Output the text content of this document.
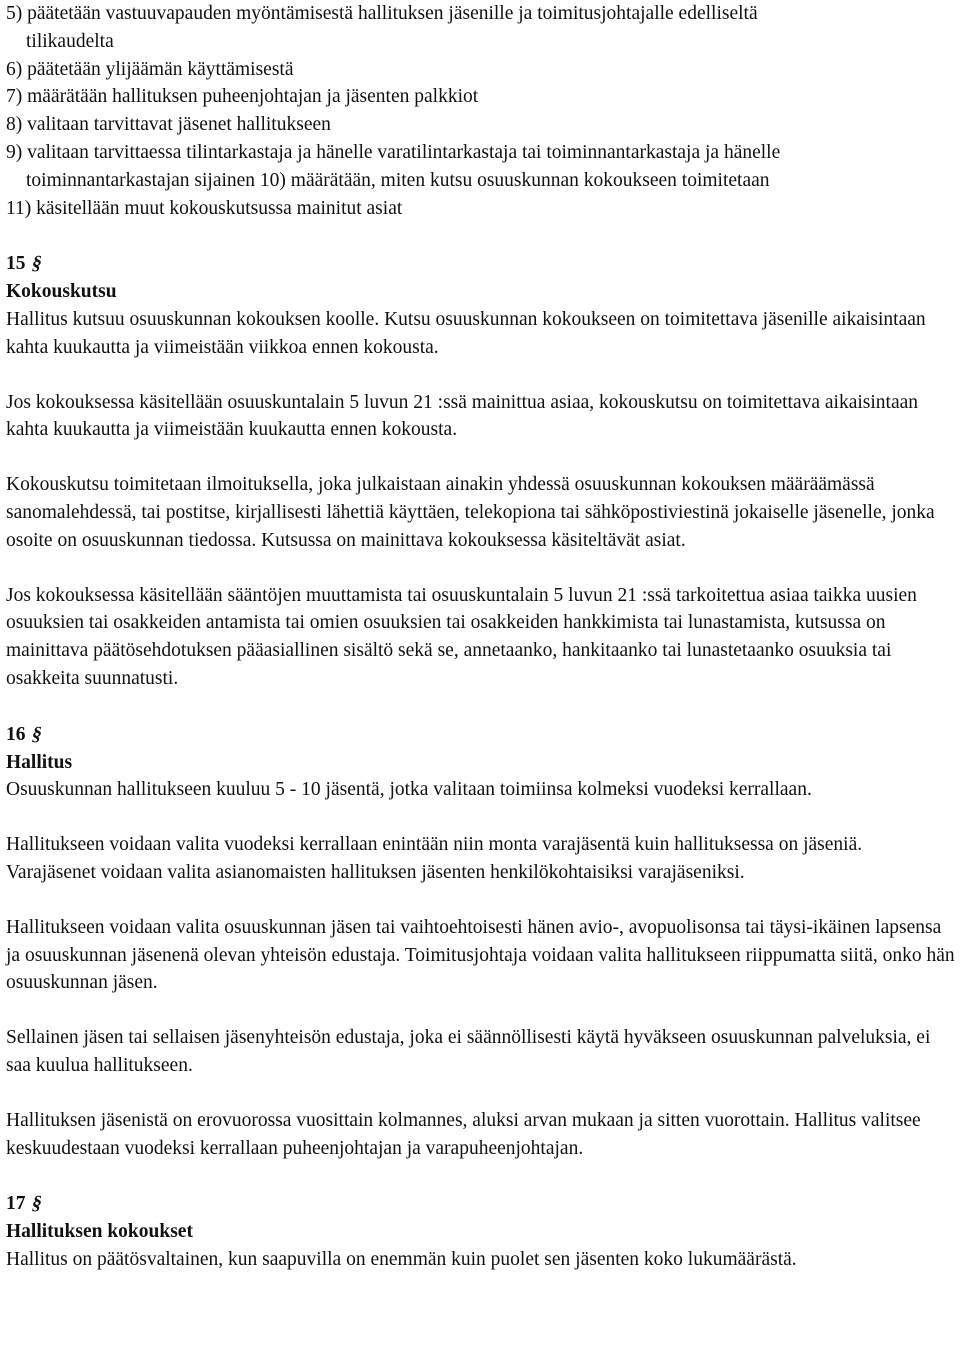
5) päätetään vastuuvapauden myöntämisestä hallituksen jäsenille ja toimitusjohtajalle edelliseltä
tilikaudelta
6) päätetään ylijäämän käyttämisestä
7) määrätään hallituksen puheenjohtajan ja jäsenten palkkiot
8) valitaan tarvittavat jäsenet hallitukseen
9) valitaan tarvittaessa tilintarkastaja ja hänelle varatilintarkastaja tai toiminnantarkastaja ja hänelle
toiminnantarkastajan sijainen 10) määrätään, miten kutsu osuuskunnan kokoukseen toimitetaan
11) käsitellään muut kokouskutsussa mainitut asiat
15 §
Kokouskutsu

Hallitus kutsuu osuuskunnan kokouksen koolle. Kutsu osuuskunnan kokoukseen on toimitettava jäsenille aikaisintaan kahta kuukautta ja viimeistään viikkoa ennen kokousta.

Jos kokouksessa käsitellään osuuskuntalain 5 luvun 21 :ssä mainittua asiaa, kokouskutsu on toimitettava aikaisintaan kahta kuukautta ja viimeistään kuukautta ennen kokousta.

Kokouskutsu toimitetaan ilmoituksella, joka julkaistaan ainakin yhdessä osuuskunnan kokouksen määräämässä sanomalehdessä, tai postitse, kirjallisesti lähettiä käyttäen, telekopiona tai sähköpostiviestinä jokaiselle jäsenelle, jonka osoite on osuuskunnan tiedossa. Kutsussa on mainittava kokouksessa käsiteltävät asiat.

Jos kokouksessa käsitellään sääntöjen muuttamista tai osuuskuntalain 5 luvun 21 :ssä tarkoitettua asiaa taikka uusien osuuksien tai osakkeiden antamista tai omien osuuksien tai osakkeiden hankkimista tai lunastamista, kutsussa on mainittava päätösehdotuksen pääasiallinen sisältö sekä se, annetaanko, hankitaanko tai lunastetaanko osuuksia tai osakkeita suunnatusti.

16 §
Hallitus

Osuuskunnan hallitukseen kuuluu 5 - 10 jäsentä, jotka valitaan toimiinsa kolmeksi vuodeksi kerrallaan.

Hallitukseen voidaan valita vuodeksi kerrallaan enintään niin monta varajäsentä kuin hallituksessa on jäseniä. Varajäsenet voidaan valita asianomaisten hallituksen jäsenten henkilökohtaisiksi varajäseniksi.

Hallitukseen voidaan valita osuuskunnan jäsen tai vaihtoehtoisesti hänen avio-, avopuolisonsa tai täysi-ikäinen lapsensa ja osuuskunnan jäsenenä olevan yhteisön edustaja. Toimitusjohtaja voidaan valita hallitukseen riippumatta siitä, onko hän osuuskunnan jäsen.

Sellainen jäsen tai sellaisen jäsenyhteisön edustaja, joka ei säännöllisesti käytä hyväkseen osuuskunnan palveluksia, ei saa kuulua hallitukseen.

Hallituksen jäsenistä on erovuorossa vuosittain kolmannes, aluksi arvan mukaan ja sitten vuorottain. Hallitus valitsee keskuudestaan vuodeksi kerrallaan puheenjohtajan ja varapuheenjohtajan.

17 §
Hallituksen kokoukset

Hallitus on päätösvaltainen, kun saapuvilla on enemmän kuin puolet sen jäsenten koko lukumäärästä.
